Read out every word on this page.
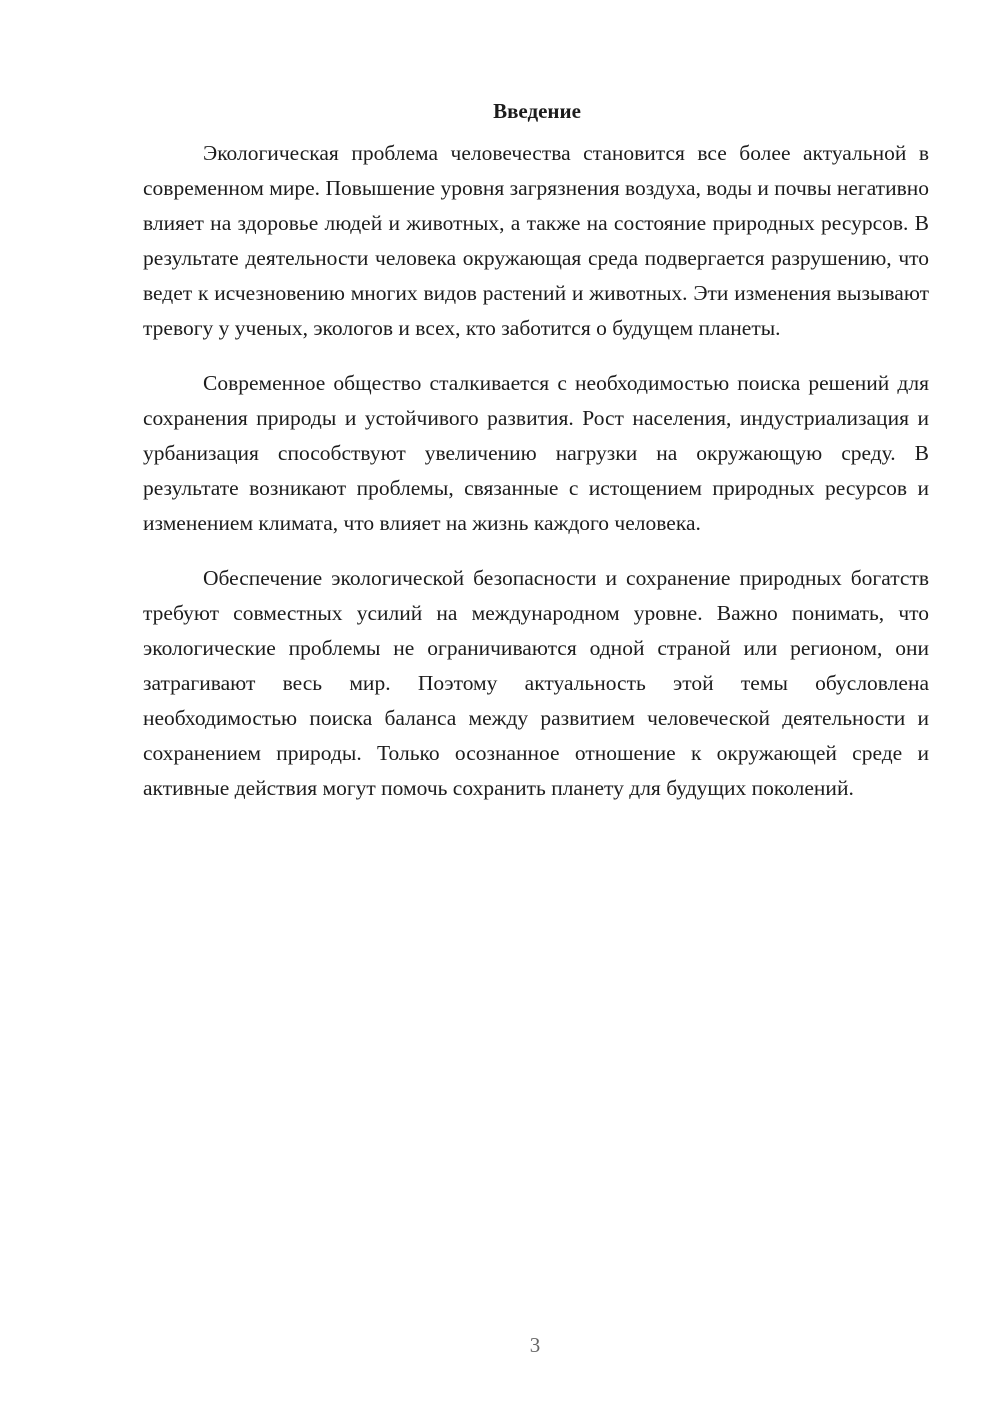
Введение

Экологическая проблема человечества становится все более актуальной в современном мире. Повышение уровня загрязнения воздуха, воды и почвы негативно влияет на здоровье людей и животных, а также на состояние природных ресурсов. В результате деятельности человека окружающая среда подвергается разрушению, что ведет к исчезновению многих видов растений и животных. Эти изменения вызывают тревогу у ученых, экологов и всех, кто заботится о будущем планеты.

Современное общество сталкивается с необходимостью поиска решений для сохранения природы и устойчивого развития. Рост населения, индустриализация и урбанизация способствуют увеличению нагрузки на окружающую среду. В результате возникают проблемы, связанные с истощением природных ресурсов и изменением климата, что влияет на жизнь каждого человека.

Обеспечение экологической безопасности и сохранение природных богатств требуют совместных усилий на международном уровне. Важно понимать, что экологические проблемы не ограничиваются одной страной или регионом, они затрагивают весь мир. Поэтому актуальность этой темы обусловлена необходимостью поиска баланса между развитием человеческой деятельности и сохранением природы. Только осознанное отношение к окружающей среде и активные действия могут помочь сохранить планету для будущих поколений.

3
